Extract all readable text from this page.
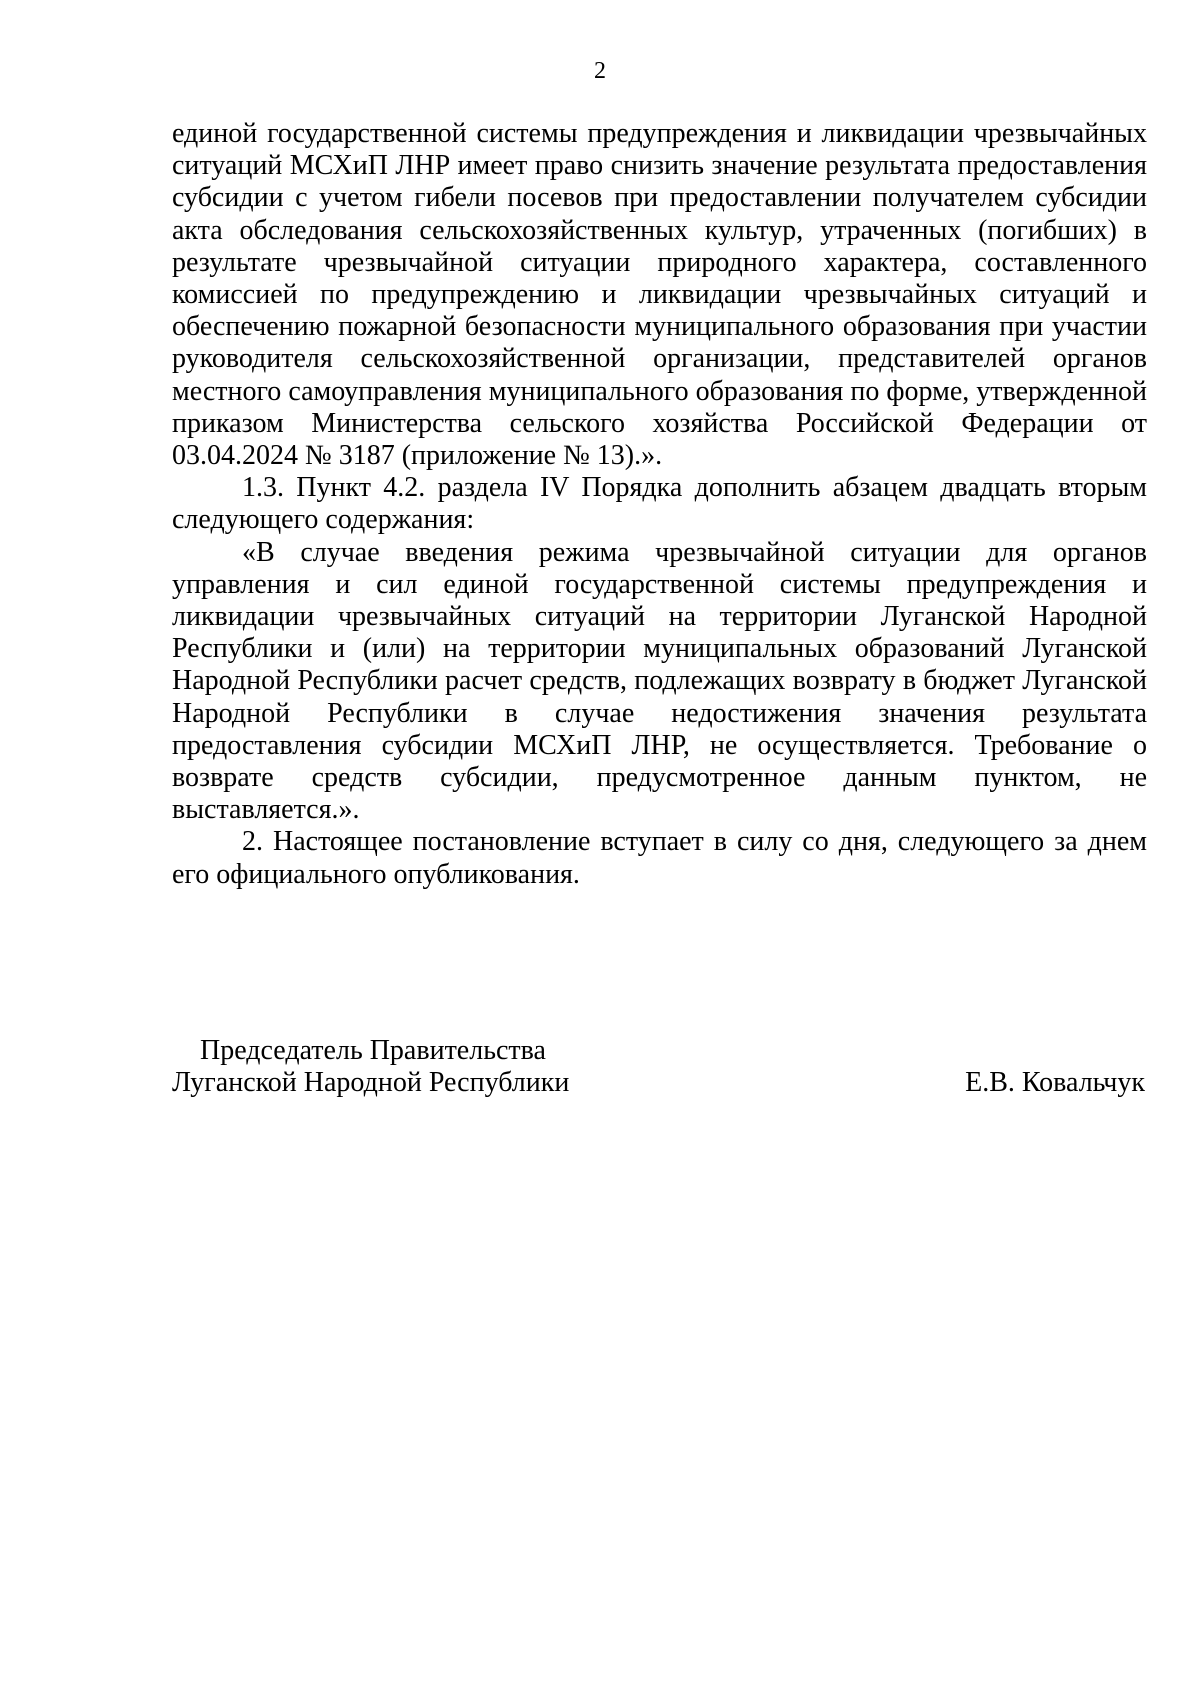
2

единой государственной системы предупреждения и ликвидации чрезвычайных ситуаций МСХиП ЛНР имеет право снизить значение результата предоставления субсидии с учетом гибели посевов при предоставлении получателем субсидии акта обследования сельскохозяйственных культур, утраченных (погибших) в результате чрезвычайной ситуации природного характера, составленного комиссией по предупреждению и ликвидации чрезвычайных ситуаций и обеспечению пожарной безопасности муниципального образования при участии руководителя сельскохозяйственной организации, представителей органов местного самоуправления муниципального образования по форме, утвержденной приказом Министерства сельского хозяйства Российской Федерации от 03.04.2024 № 3187 (приложение № 13).».

1.3. Пункт 4.2. раздела IV Порядка дополнить абзацем двадцать вторым следующего содержания:

«В случае введения режима чрезвычайной ситуации для органов управления и сил единой государственной системы предупреждения и ликвидации чрезвычайных ситуаций на территории Луганской Народной Республики и (или) на территории муниципальных образований Луганской Народной Республики расчет средств, подлежащих возврату в бюджет Луганской Народной Республики в случае недостижения значения результата предоставления субсидии МСХиП ЛНР, не осуществляется. Требование о возврате средств субсидии, предусмотренное данным пунктом, не выставляется.».

2. Настоящее постановление вступает в силу со дня, следующего за днем его официального опубликования.

Председатель Правительства
Луганской Народной Республики	Е.В. Ковальчук
